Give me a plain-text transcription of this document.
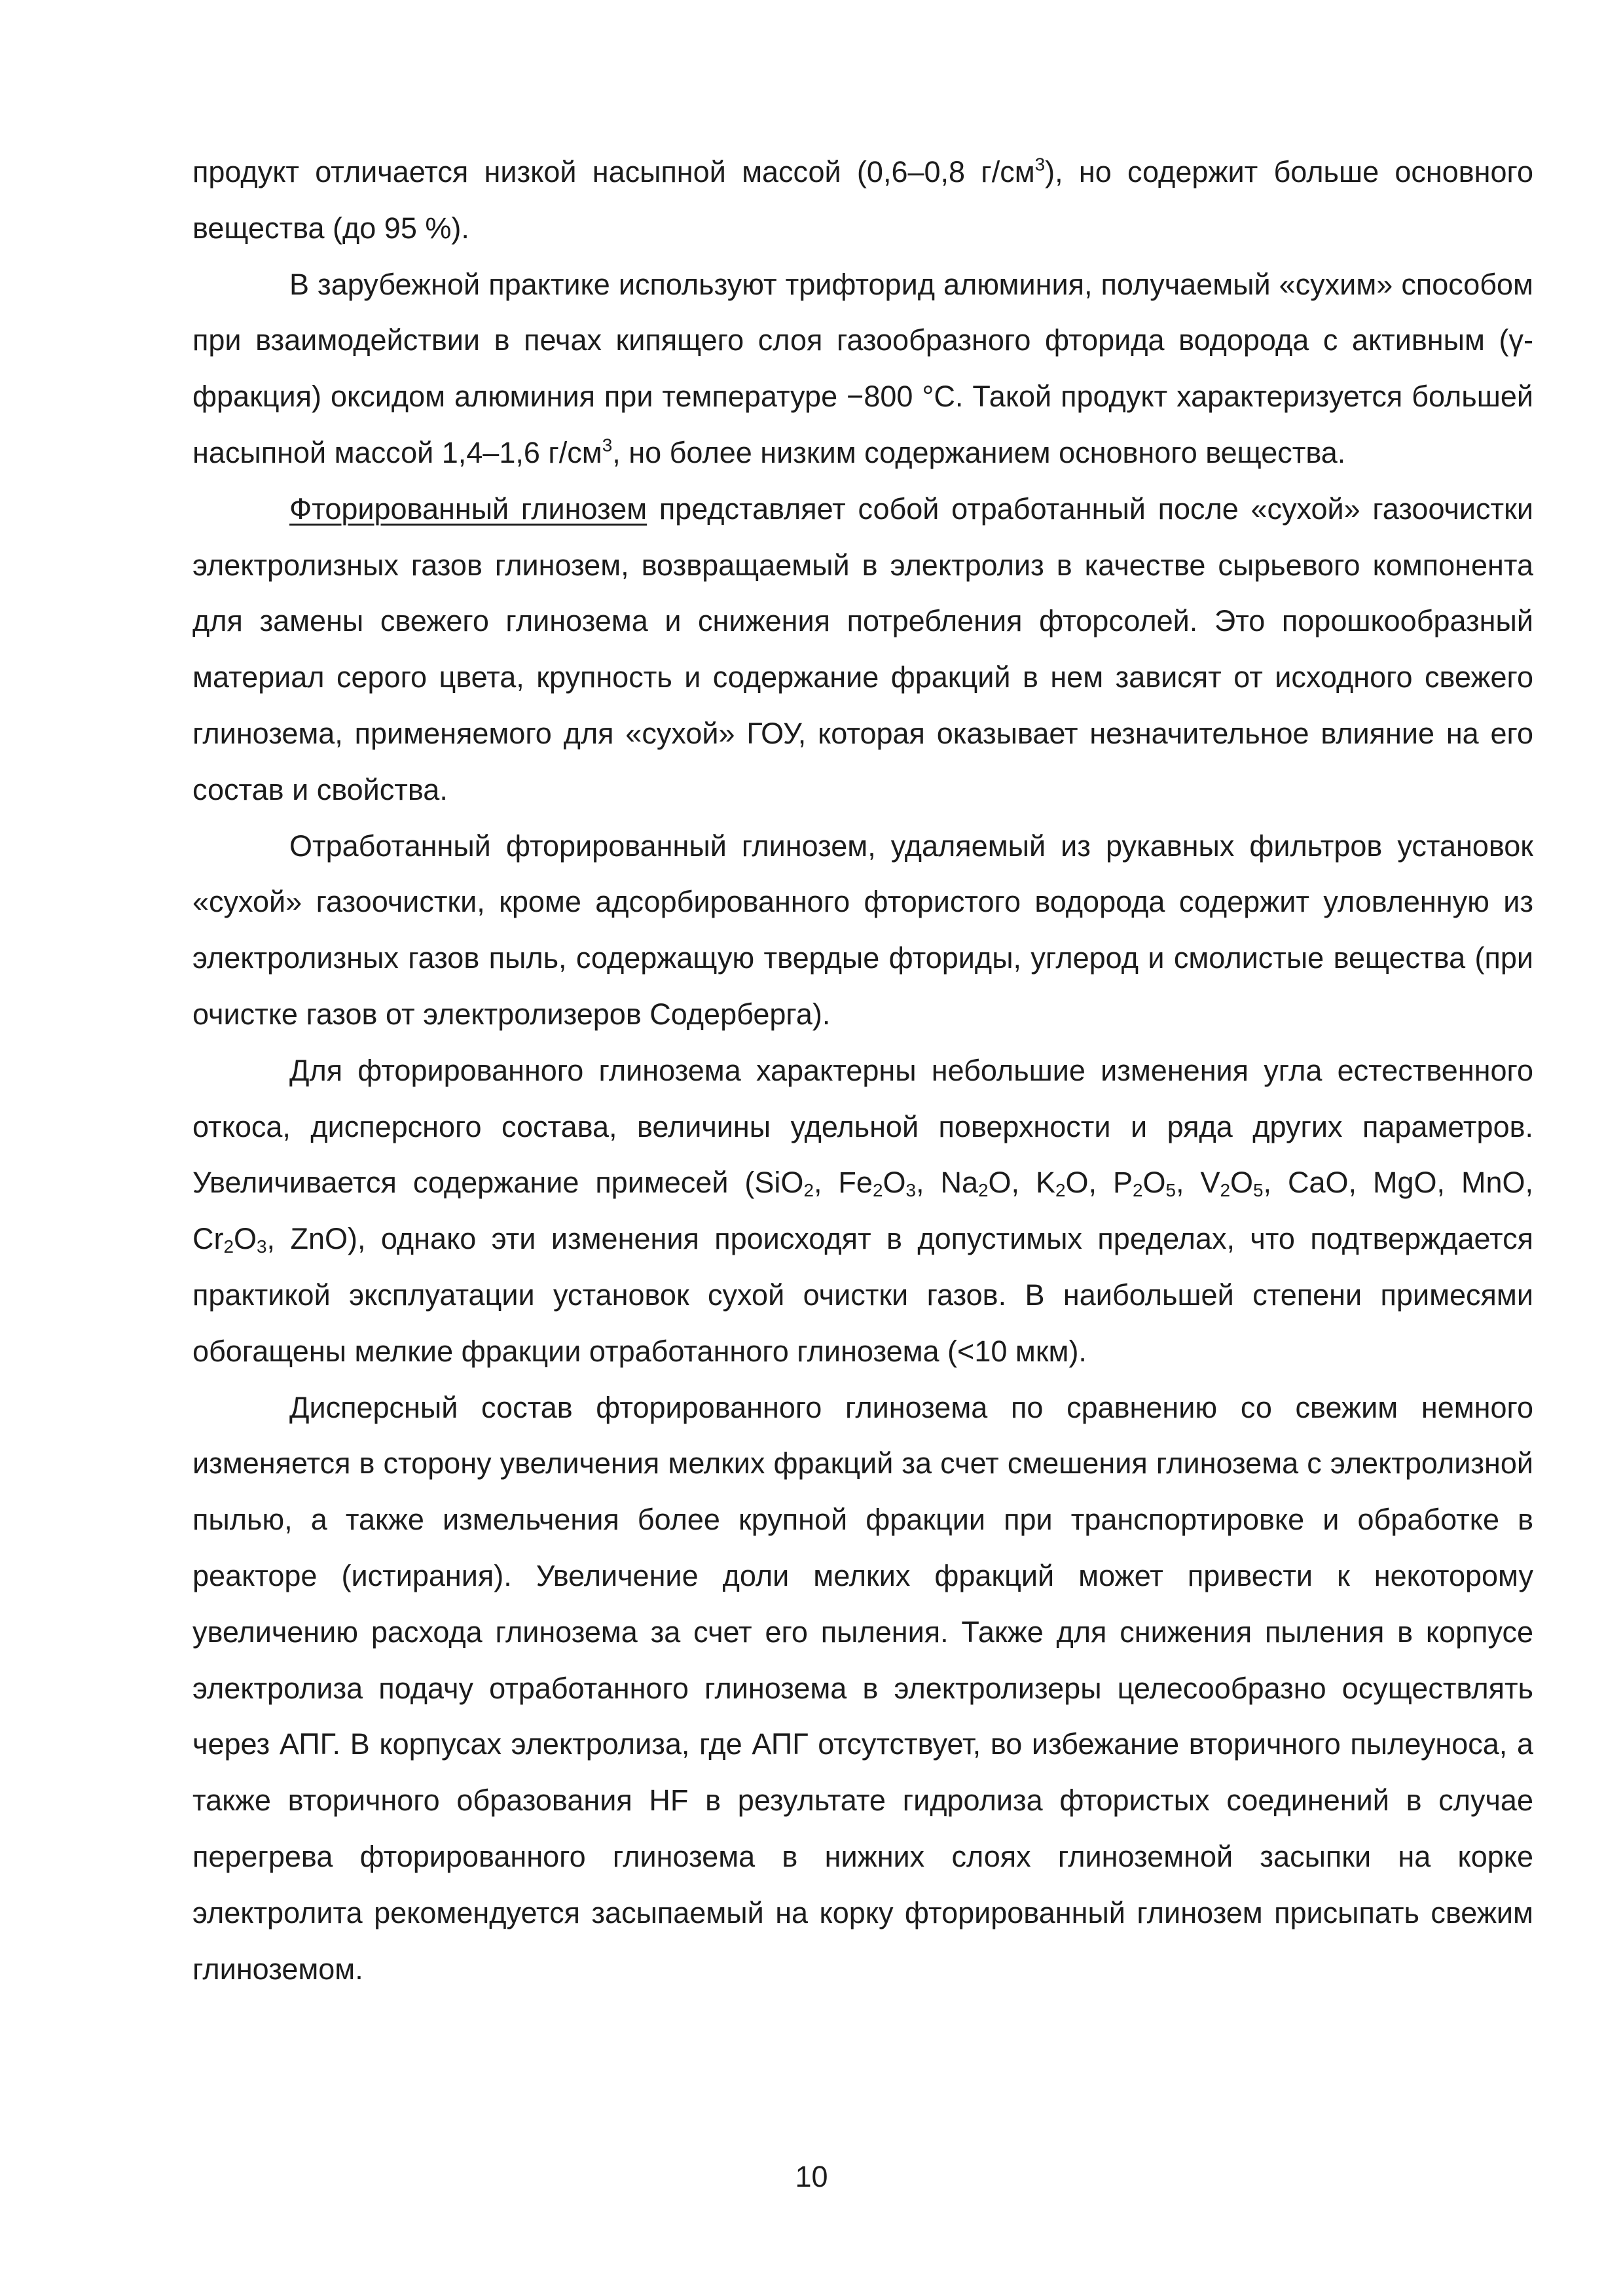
продукт отличается низкой насыпной массой (0,6–0,8 $г/см^3$), но содержит больше основного вещества (до 95 %).

В зарубежной практике используют трифторид алюминия, получаемый «сухим» способом при взаимодействии в печах кипящего слоя газообразного фторида водорода с активным (γ-фракция) оксидом алюминия при температуре −800 °С. Такой продукт характеризуется большей насыпной массой 1,4–1,6 $г/см^3$, но более низким содержанием основного вещества.

Фторированный глинозем представляет собой отработанный после «сухой» газоочистки электролизных газов глинозем, возвращаемый в электролиз в качестве сырьевого компонента для замены свежего глинозема и снижения потребления фторсолей. Это порошкообразный материал серого цвета, крупность и содержание фракций в нем зависят от исходного свежего глинозема, применяемого для «сухой» ГОУ, которая оказывает незначительное влияние на его состав и свойства.

Отработанный фторированный глинозем, удаляемый из рукавных фильтров установок «сухой» газоочистки, кроме адсорбированного фтористого водорода содержит уловленную из электролизных газов пыль, содержащую твердые фториды, углерод и смолистые вещества (при очистке газов от электролизеров Содерберга).

Для фторированного глинозема характерны небольшие изменения угла естественного откоса, дисперсного состава, величины удельной поверхности и ряда других параметров. Увеличивается содержание примесей (SiO$_2$, $Fe_2O_3$, $Na_2O$, $K_2O$, $P_2O_5$, $V_2O_5$, CaO, MgO, MnO, $Cr_2O_3$, ZnO), однако эти изменения происходят в допустимых пределах, что подтверждается практикой эксплуатации установок сухой очистки газов. В наибольшей степени примесями обогащены мелкие фракции отработанного глинозема (<10 мкм).

Дисперсный состав фторированного глинозема по сравнению со свежим немного изменяется в сторону увеличения мелких фракций за счет смешения глинозема с электролизной пылью, а также измельчения более крупной фракции при транспортировке и обработке в реакторе (истирания). Увеличение доли мелких фракций может привести к некоторому увеличению расхода глинозема за счет его пыления. Также для снижения пыления в корпусе электролиза подачу отработанного глинозема в электролизеры целесообразно осуществлять через АПГ. В корпусах электролиза, где АПГ отсутствует, во избежание вторичного пылеуноса, а также вторичного образования HF в результате гидролиза фтористых соединений в случае перегрева фторированного глинозема в нижних слоях глиноземной засыпки на корке электролита рекомендуется засыпаемый на корку фторированный глинозем присыпать свежим глиноземом.

10
